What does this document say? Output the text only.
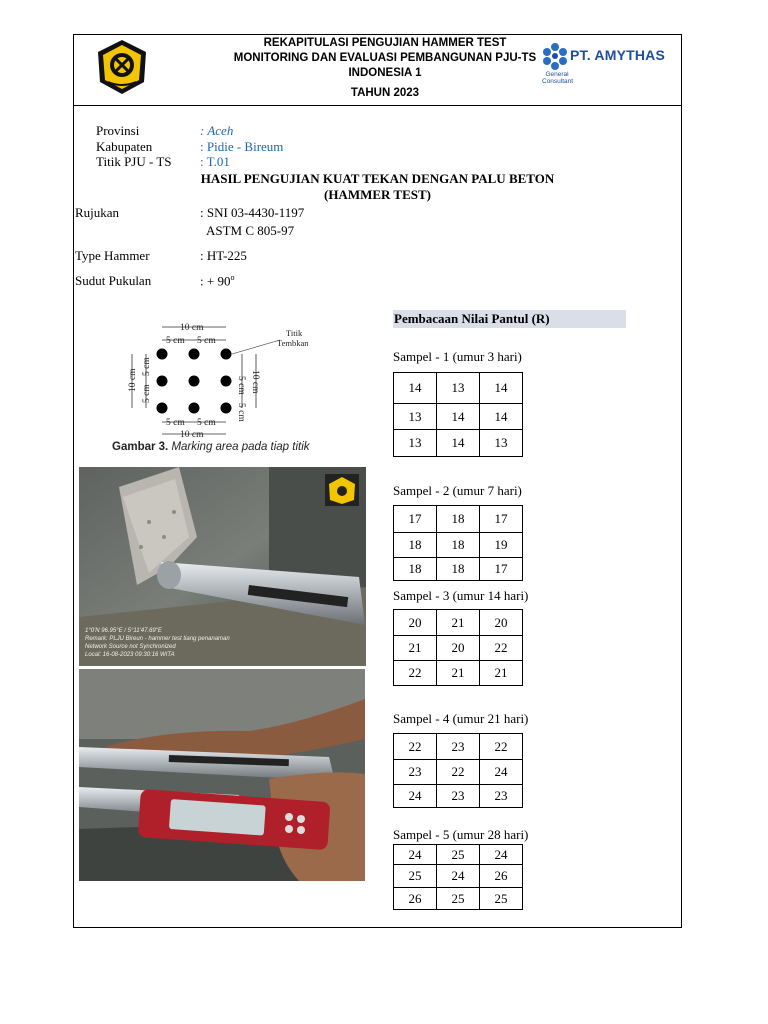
REKAPITULASI PENGUJIAN HAMMER TEST
MONITORING DAN EVALUASI PEMBANGUNAN PJU-TS
INDONESIA 1
TAHUN 2023
PT. AMYTHAS
General Consultant
Provinsi	: Aceh
Kabupaten	: Pidie - Bireum
Titik PJU - TS : T.01
HASIL PENGUJIAN KUAT TEKAN DENGAN PALU BETON
(HAMMER TEST)
Rujukan	: SNI 03-4430-1197
ASTM C 805-97
Type Hammer	: HT-225
Sudut Pukulan	: + $90^o$
10 cm
5 cm 5 cm
5 cm 5 cm
10 cm
10 cm
5 cm
5 cm	5 cm
5 cm
10 cm
Titik
Tembkan
Gambar 3. Marking area pada tiap titik
1°0'N 96.95°E / 5°11'47.69"E
Remark: PLJU Bireun - hammer test tiang penanaman
Network Source not Synchronized
Local: 16-08-2023 09:30:16 WITA
Pembacaan Nilai Pantul (R)
Sampel - 1 (umur 3 hari)
14	13	14
13	14	14
13	14	13
Sampel - 2 (umur 7 hari)
17	18	17
18	18	19
18	18	17
Sampel - 3 (umur 14 hari)
20	21	20
21	20	22
22	21	21
Sampel - 4 (umur 21 hari)
22	23	22
23	22	24
24	23	23
Sampel - 5 (umur 28 hari)
24	25	24
25	24	26
26	25	25
